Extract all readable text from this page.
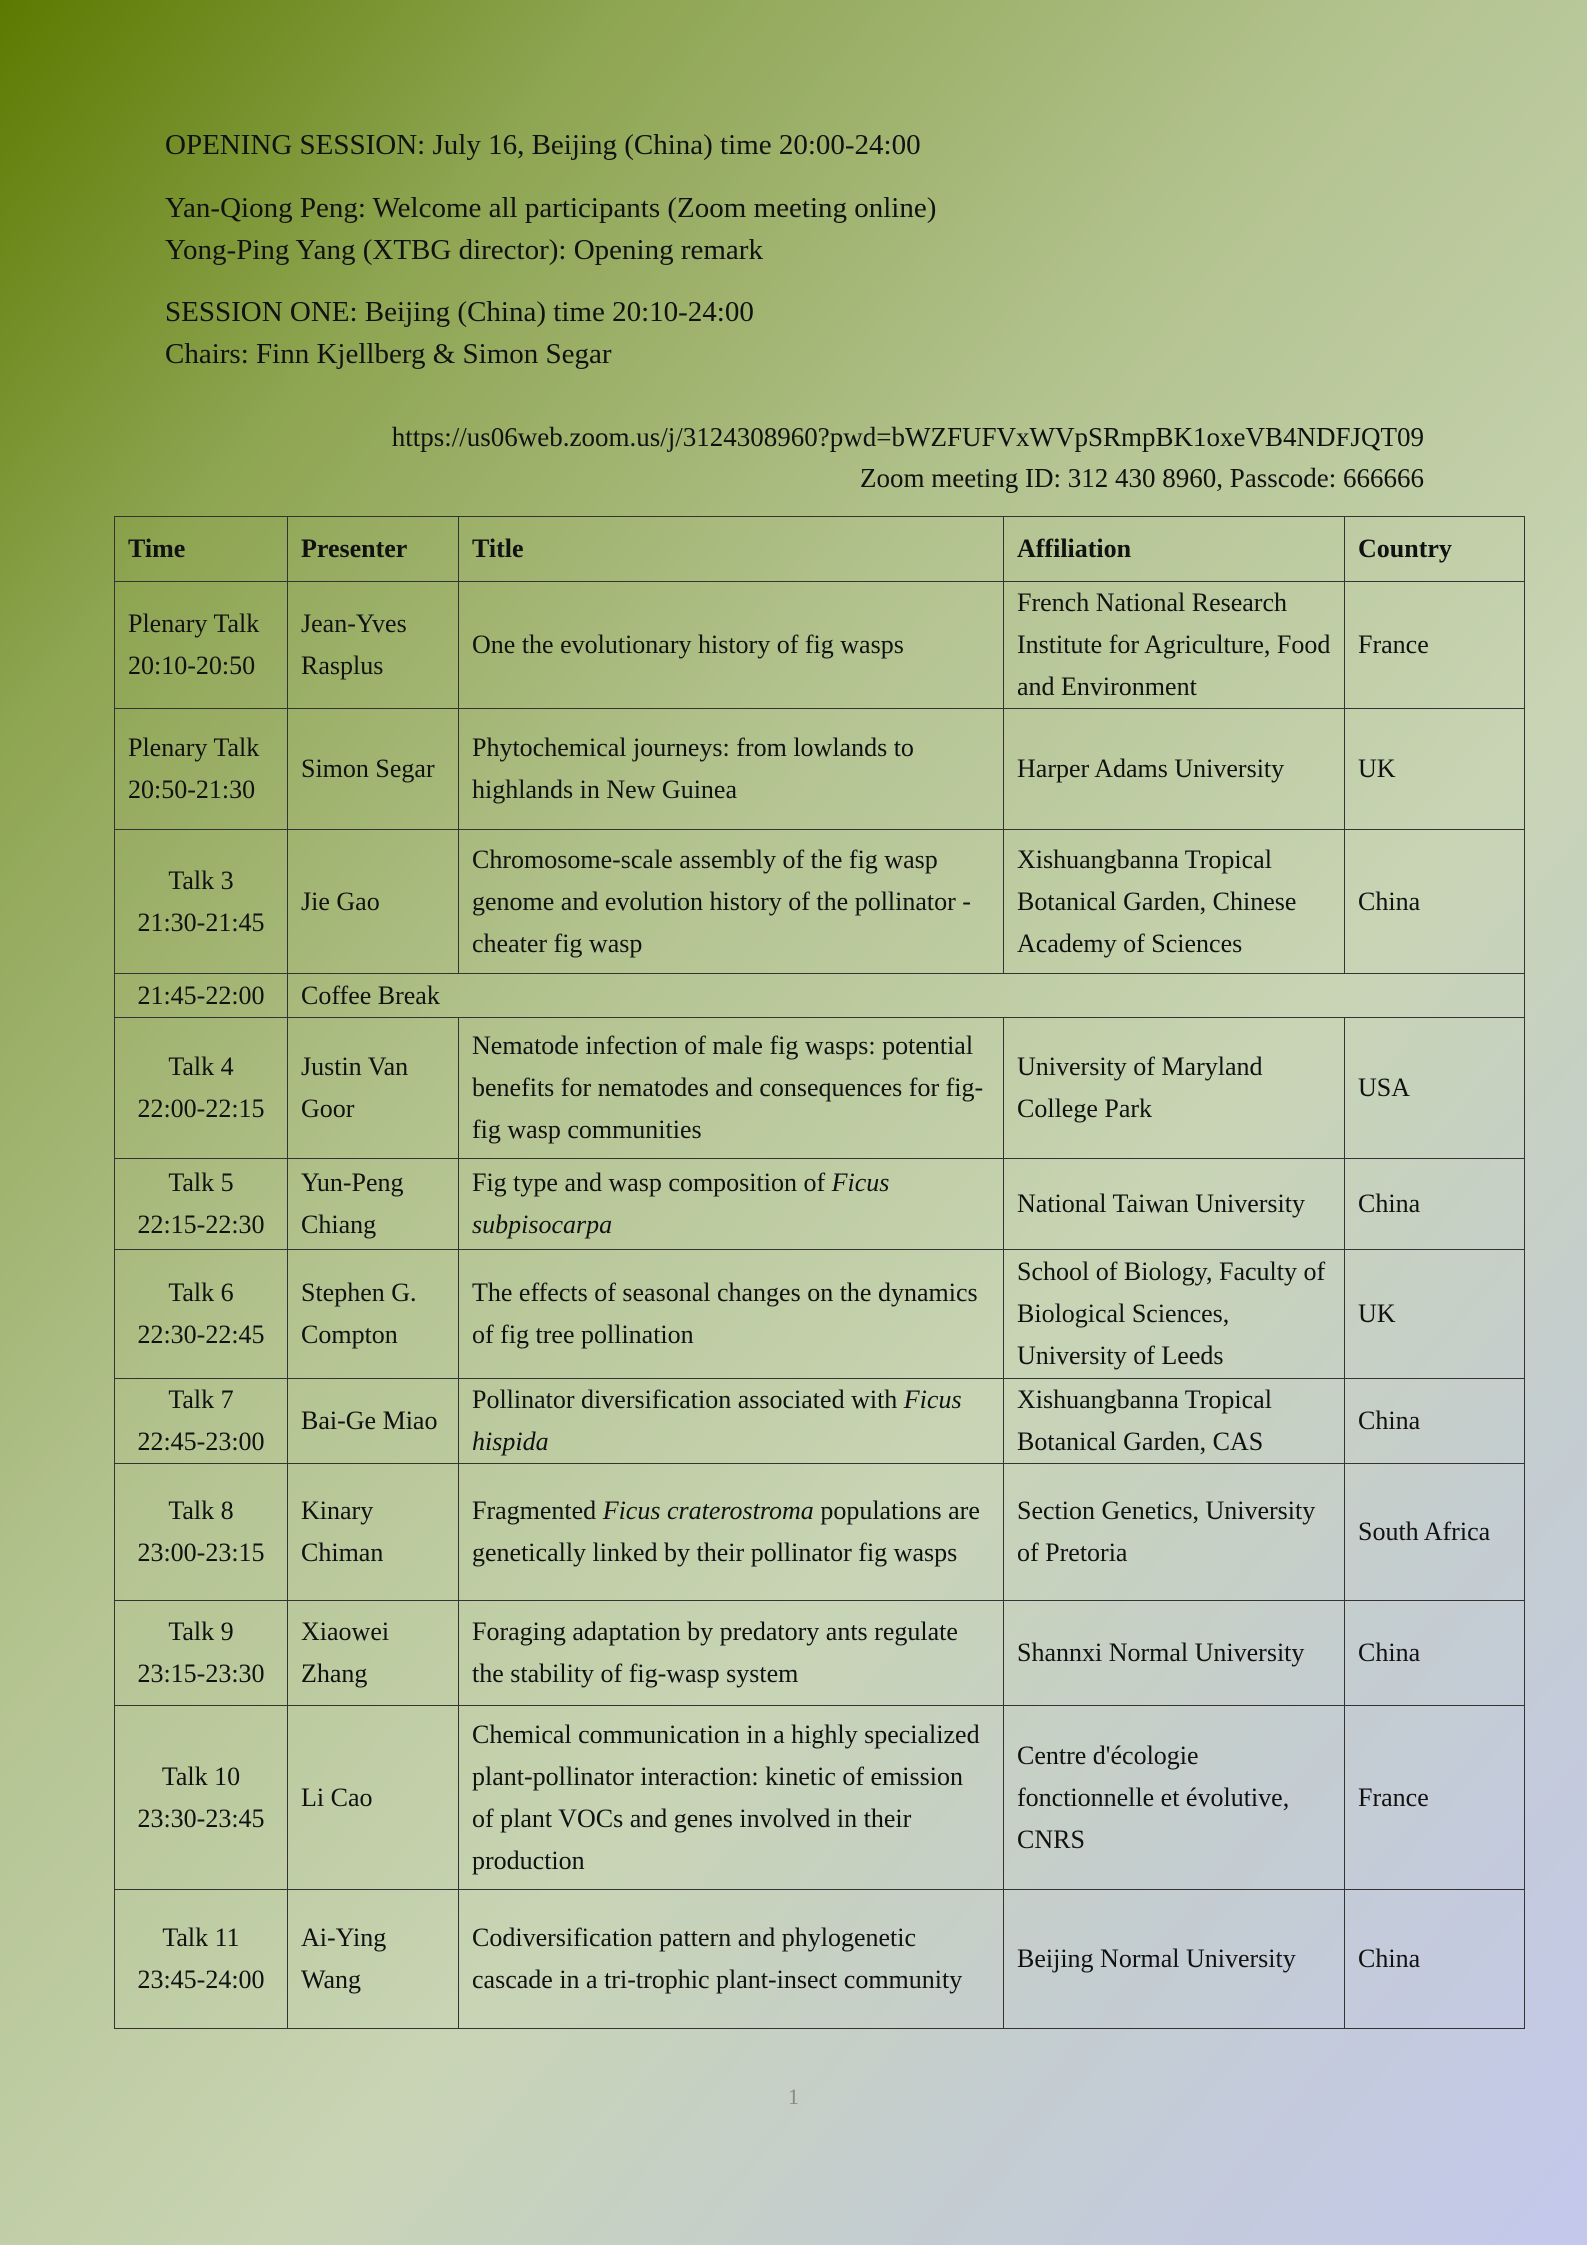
OPENING SESSION: July 16, Beijing (China) time 20:00-24:00
Yan-Qiong Peng: Welcome all participants (Zoom meeting online)
Yong-Ping Yang (XTBG director): Opening remark
SESSION ONE: Beijing (China) time 20:10-24:00
Chairs: Finn Kjellberg & Simon Segar
https://us06web.zoom.us/j/3124308960?pwd=bWZFUFVxWVpSRmpBK1oxeVB4NDFJQT09
Zoom meeting ID: 312 430 8960, Passcode: 666666
Time	Presenter	Title	Affiliation	Country
Plenary Talk
20:10-20:50	Jean-Yves Rasplus	One the evolutionary history of fig wasps	French National Research Institute for Agriculture, Food and Environment	France
Plenary Talk
20:50-21:30	Simon Segar	Phytochemical journeys: from lowlands to highlands in New Guinea	Harper Adams University	UK
Talk 3
21:30-21:45	Jie Gao	Chromosome-scale assembly of the fig wasp genome and evolution history of the pollinator -cheater fig wasp	Xishuangbanna Tropical Botanical Garden, Chinese Academy of Sciences	China
21:45-22:00	Coffee Break			
Talk 4
22:00-22:15	Justin Van Goor	Nematode infection of male fig wasps: potential benefits for nematodes and consequences for fig-fig wasp communities	University of Maryland College Park	USA
Talk 5
22:15-22:30	Yun-Peng Chiang	Fig type and wasp composition of Ficus subpisocarpa	National Taiwan University	China
Talk 6
22:30-22:45	Stephen G. Compton	The effects of seasonal changes on the dynamics of fig tree pollination	School of Biology, Faculty of Biological Sciences, University of Leeds	UK
Talk 7
22:45-23:00	Bai-Ge Miao	Pollinator diversification associated with Ficus hispida	Xishuangbanna Tropical Botanical Garden, CAS	China
Talk 8
23:00-23:15	Kinary Chiman	Fragmented Ficus craterostroma populations are genetically linked by their pollinator fig wasps	Section Genetics, University of Pretoria	South Africa
Talk 9
23:15-23:30	Xiaowei Zhang	Foraging adaptation by predatory ants regulate the stability of fig-wasp system	Shannxi Normal University	China
Talk 10
23:30-23:45	Li Cao	Chemical communication in a highly specialized plant-pollinator interaction: kinetic of emission of plant VOCs and genes involved in their production	Centre d'écologie fonctionnelle et évolutive, CNRS	France
Talk 11
23:45-24:00	Ai-Ying Wang	Codiversification pattern and phylogenetic cascade in a tri-trophic plant-insect community	Beijing Normal University	China
1
